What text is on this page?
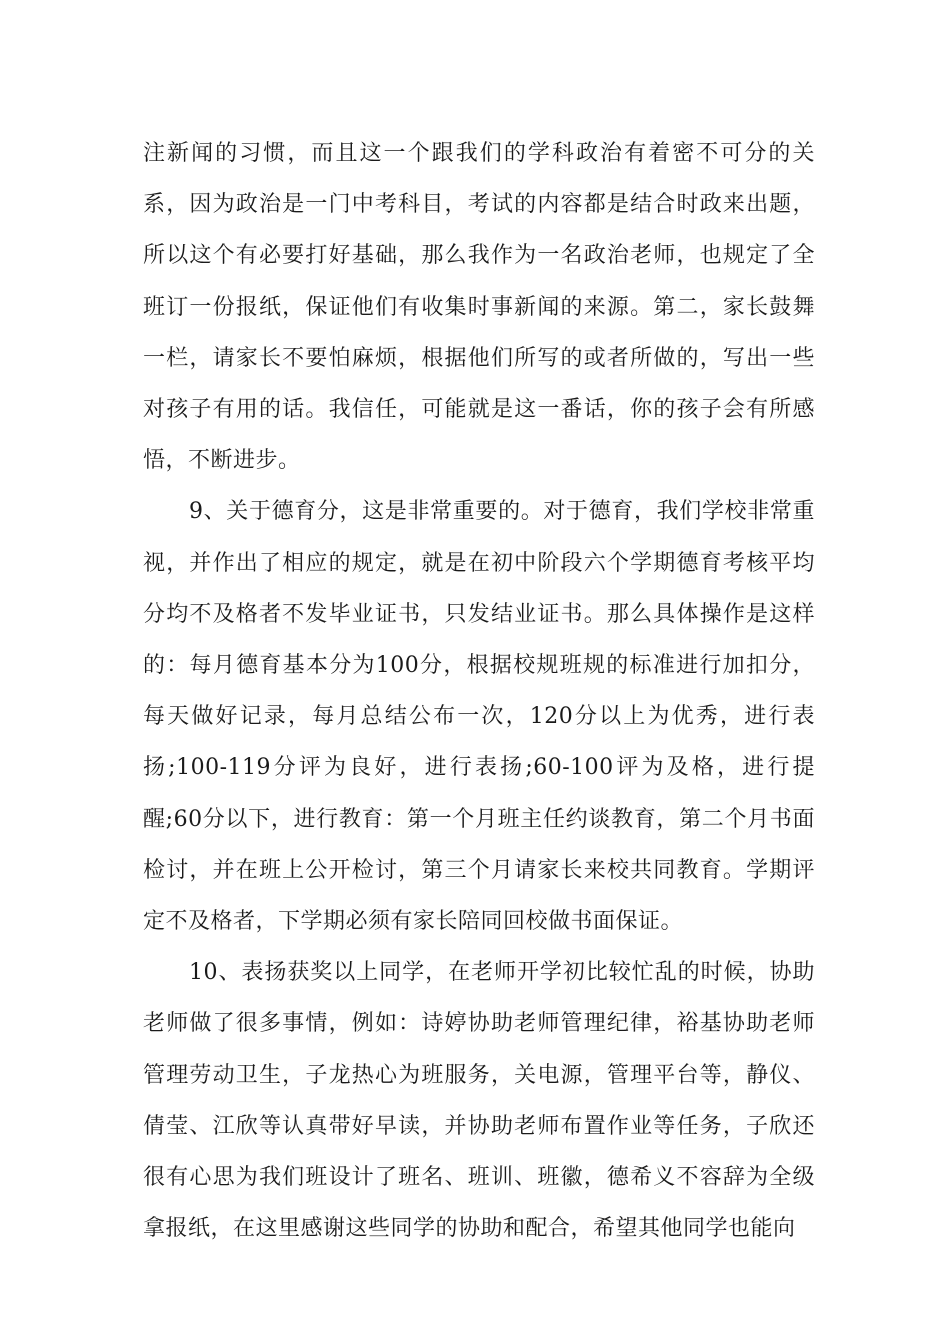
注新闻的习惯，而且这一个跟我们的学科政治有着密不可分的关系，因为政治是一门中考科目，考试的内容都是结合时政来出题，所以这个有必要打好基础，那么我作为一名政治老师，也规定了全班订一份报纸，保证他们有收集时事新闻的来源。第二，家长鼓舞一栏，请家长不要怕麻烦，根据他们所写的或者所做的，写出一些对孩子有用的话。我信任，可能就是这一番话，你的孩子会有所感悟，不断进步。

9、关于德育分，这是非常重要的。对于德育，我们学校非常重视，并作出了相应的规定，就是在初中阶段六个学期德育考核平均分均不及格者不发毕业证书，只发结业证书。那么具体操作是这样的：每月德育基本分为100分，根据校规班规的标准进行加扣分，每天做好记录，每月总结公布一次，120分以上为优秀，进行表扬;100-119分评为良好，进行表扬;60-100评为及格，进行提醒;60分以下，进行教育：第一个月班主任约谈教育，第二个月书面检讨，并在班上公开检讨，第三个月请家长来校共同教育。学期评定不及格者，下学期必须有家长陪同回校做书面保证。

10、表扬获奖以上同学，在老师开学初比较忙乱的时候，协助老师做了很多事情，例如：诗婷协助老师管理纪律，裕基协助老师管理劳动卫生，子龙热心为班服务，关电源，管理平台等，静仪、倩莹、江欣等认真带好早读，并协助老师布置作业等任务，子欣还很有心思为我们班设计了班名、班训、班徽，德希义不容辞为全级拿报纸，在这里感谢这些同学的协助和配合，希望其他同学也能向
